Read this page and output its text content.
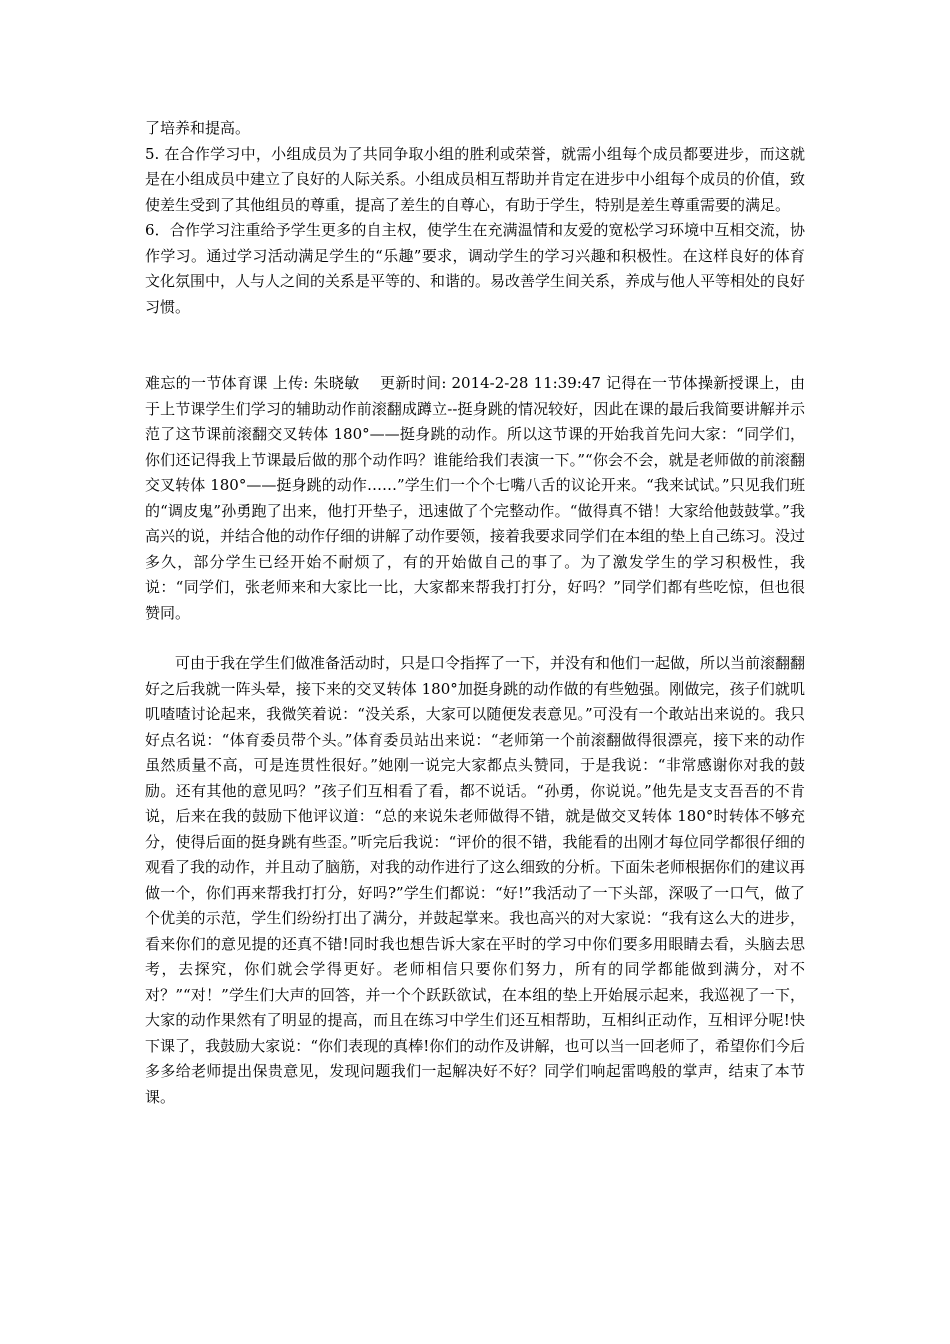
了培养和提高。

5. 在合作学习中，小组成员为了共同争取小组的胜利或荣誉，就需小组每个成员都要进步，而这就是在小组成员中建立了良好的人际关系。小组成员相互帮助并肯定在进步中小组每个成员的价值，致使差生受到了其他组员的尊重，提高了差生的自尊心，有助于学生，特别是差生尊重需要的满足。

6．合作学习注重给予学生更多的自主权，使学生在充满温情和友爱的宽松学习环境中互相交流，协作学习。通过学习活动满足学生的“乐趣”要求，调动学生的学习兴趣和积极性。在这样良好的体育文化氛围中，人与人之间的关系是平等的、和谐的。易改善学生间关系，养成与他人平等相处的良好习惯。

难忘的一节体育课 上传: 朱晓敏　 更新时间: 2014-2-28 11:39:47 记得在一节体操新授课上，由于上节课学生们学习的辅助动作前滚翻成蹲立--挺身跳的情况较好，因此在课的最后我简要讲解并示范了这节课前滚翻交叉转体 180°——挺身跳的动作。所以这节课的开始我首先问大家：“同学们，你们还记得我上节课最后做的那个动作吗？谁能给我们表演一下。”“你会不会，就是老师做的前滚翻交叉转体 180°——挺身跳的动作……”学生们一个个七嘴八舌的议论开来。“我来试试。”只见我们班的“调皮鬼”孙勇跑了出来，他打开垫子，迅速做了个完整动作。“做得真不错！大家给他鼓鼓掌。”我高兴的说，并结合他的动作仔细的讲解了动作要领，接着我要求同学们在本组的垫上自己练习。没过多久，部分学生已经开始不耐烦了，有的开始做自己的事了。为了激发学生的学习积极性，我说：“同学们，张老师来和大家比一比，大家都来帮我打打分，好吗？”同学们都有些吃惊，但也很赞同。

可由于我在学生们做准备活动时，只是口令指挥了一下，并没有和他们一起做，所以当前滚翻翻好之后我就一阵头晕，接下来的交叉转体 180°加挺身跳的动作做的有些勉强。刚做完，孩子们就叽叽喳喳讨论起来，我微笑着说：“没关系，大家可以随便发表意见。”可没有一个敢站出来说的。我只好点名说：“体育委员带个头。”体育委员站出来说：“老师第一个前滚翻做得很漂亮，接下来的动作虽然质量不高，可是连贯性很好。”她刚一说完大家都点头赞同，于是我说：“非常感谢你对我的鼓励。还有其他的意见吗？”孩子们互相看了看，都不说话。“孙勇，你说说。”他先是支支吾吾的不肯说，后来在我的鼓励下他评议道：“总的来说朱老师做得不错，就是做交叉转体 180°时转体不够充分，使得后面的挺身跳有些歪。”听完后我说：“评价的很不错，我能看的出刚才每位同学都很仔细的观看了我的动作，并且动了脑筋，对我的动作进行了这么细致的分析。下面朱老师根据你们的建议再做一个，你们再来帮我打打分，好吗?”学生们都说：“好!”我活动了一下头部，深吸了一口气，做了个优美的示范，学生们纷纷打出了满分，并鼓起掌来。我也高兴的对大家说：“我有这么大的进步，看来你们的意见提的还真不错!同时我也想告诉大家在平时的学习中你们要多用眼睛去看，头脑去思考，去探究，你们就会学得更好。老师相信只要你们努力，所有的同学都能做到满分，对不对？”“对！”学生们大声的回答，并一个个跃跃欲试，在本组的垫上开始展示起来，我巡视了一下，大家的动作果然有了明显的提高，而且在练习中学生们还互相帮助，互相纠正动作，互相评分呢!快下课了，我鼓励大家说：“你们表现的真棒!你们的动作及讲解，也可以当一回老师了，希望你们今后多多给老师提出保贵意见，发现问题我们一起解决好不好？同学们响起雷鸣般的掌声，结束了本节课。
